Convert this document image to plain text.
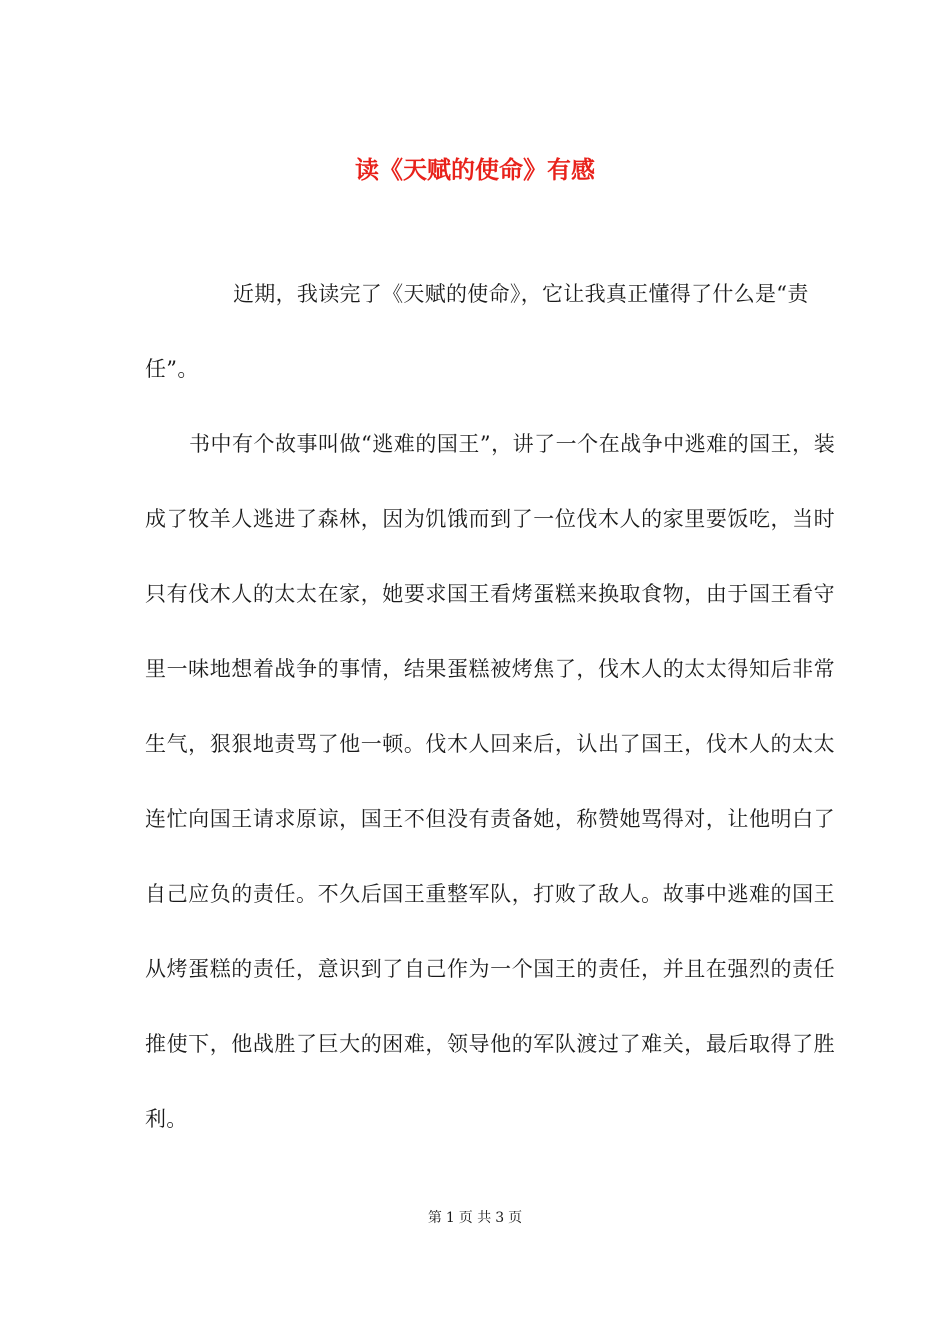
读《天赋的使命》有感

近期，我读完了《天赋的使命》，它让我真正懂得了什么是“责任”。

书中有个故事叫做“逃难的国王”，讲了一个在战争中逃难的国王，装成了牧羊人逃进了森林，因为饥饿而到了一位伐木人的家里要饭吃，当时只有伐木人的太太在家，她要求国王看烤蛋糕来换取食物，由于国王看守里一味地想着战争的事情，结果蛋糕被烤焦了，伐木人的太太得知后非常生气，狠狠地责骂了他一顿。伐木人回来后，认出了国王，伐木人的太太连忙向国王请求原谅，国王不但没有责备她，称赞她骂得对，让他明白了自己应负的责任。不久后国王重整军队，打败了敌人。故事中逃难的国王从烤蛋糕的责任，意识到了自己作为一个国王的责任，并且在强烈的责任推使下，他战胜了巨大的困难，领导他的军队渡过了难关，最后取得了胜利。

第 1 页 共 3 页
